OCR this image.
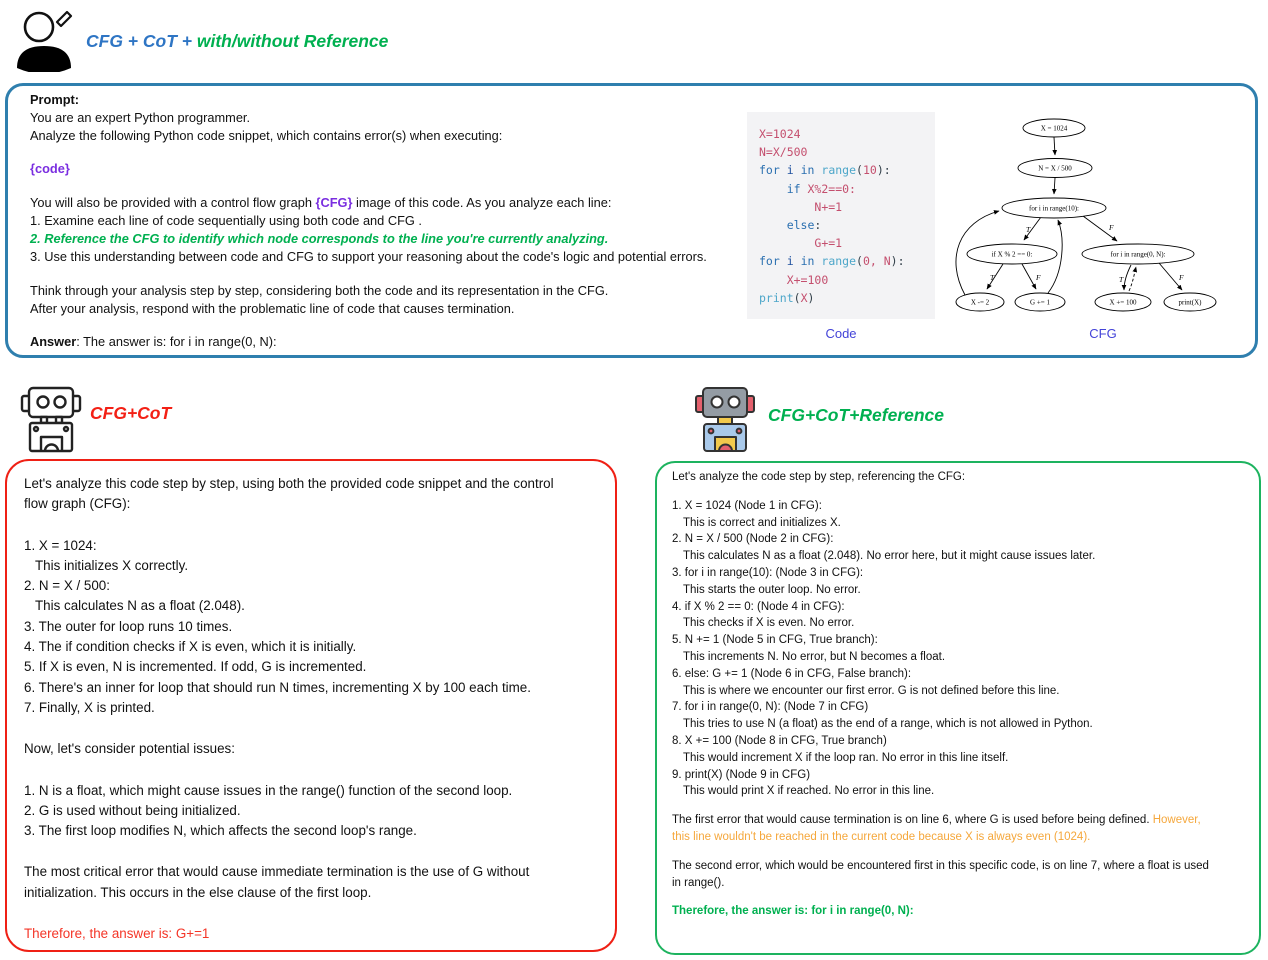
CFG + CoT + with/without Reference
Prompt:
You are an expert Python programmer.
Analyze the following Python code snippet, which contains error(s) when executing:
{code}
You will also be provided with a control flow graph {CFG} image of this code. As you analyze each line:
1. Examine each line of code sequentially using both code and CFG .
2. Reference the CFG to identify which node corresponds to the line you're currently analyzing.
3. Use this understanding between code and CFG to support your reasoning about the code's logic and potential errors.
Think through your analysis step by step, considering both the code and its representation in the CFG.
After your analysis, respond with the problematic line of code that causes termination.
Answer: The answer is: for i in range(0, N):
X=1024
N=X/500
for i in range(10):
if X%2==0:
N+=1
else:
G+=1
for i in range(0, N):
X+=100
print(X)
Code
T	F
T	F	T	F
X = 1024
N = X / 500
for i in range(10):
if X % 2 == 0:	for i in range(0, N):
X -= 2	G += 1	X += 100	print(X)
CFG
CFG+CoT	CFG+CoT+Reference
Let's analyze this code step by step, using both the provided code snippet and the control
flow graph (CFG):
1. X = 1024:
This initializes X correctly.
2. N = X / 500:
This calculates N as a float (2.048).
3. The outer for loop runs 10 times.
4. The if condition checks if X is even, which it is initially.
5. If X is even, N is incremented. If odd, G is incremented.
6. There's an inner for loop that should run N times, incrementing X by 100 each time.
7. Finally, X is printed.
Now, let's consider potential issues:
1. N is a float, which might cause issues in the range() function of the second loop.
2. G is used without being initialized.
3. The first loop modifies N, which affects the second loop's range.
The most critical error that would cause immediate termination is the use of G without
initialization. This occurs in the else clause of the first loop.
Therefore, the answer is: G+=1
Let's analyze the code step by step, referencing the CFG:
1. X = 1024 (Node 1 in CFG):
This is correct and initializes X.
2. N = X / 500 (Node 2 in CFG):
This calculates N as a float (2.048). No error here, but it might cause issues later.
3. for i in range(10): (Node 3 in CFG):
This starts the outer loop. No error.
4. if X % 2 == 0: (Node 4 in CFG):
This checks if X is even. No error.
5. N += 1 (Node 5 in CFG, True branch):
This increments N. No error, but N becomes a float.
6. else: G += 1 (Node 6 in CFG, False branch):
This is where we encounter our first error. G is not defined before this line.
7. for i in range(0, N): (Node 7 in CFG)
This tries to use N (a float) as the end of a range, which is not allowed in Python.
8. X += 100 (Node 8 in CFG, True branch)
This would increment X if the loop ran. No error in this line itself.
9. print(X) (Node 9 in CFG)
This would print X if reached. No error in this line.
The first error that would cause termination is on line 6, where G is used before being defined. However,
this line wouldn't be reached in the current code because X is always even (1024).
The second error, which would be encountered first in this specific code, is on line 7, where a float is used
in range().
Therefore, the answer is: for i in range(0, N):
